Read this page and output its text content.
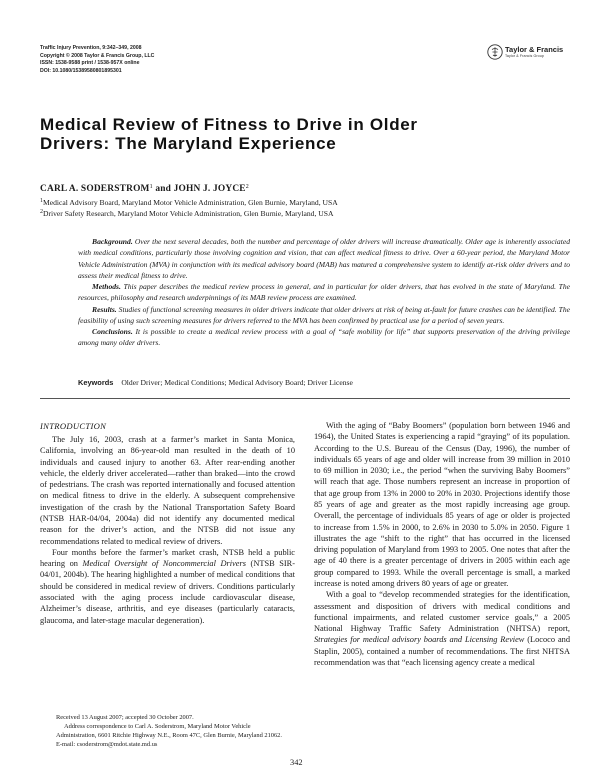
Traffic Injury Prevention, 9:342–349, 2008
Copyright © 2008 Taylor & Francis Group, LLC
ISSN: 1538-9588 print / 1538-957X online
DOI: 10.1080/15389580801895301
Taylor & Francis
Taylor & Francis Group
Medical Review of Fitness to Drive in Older
Drivers: The Maryland Experience
CARL A. SODERSTROM$^1$ and JOHN J. JOYCE$^2$
$^1$Medical Advisory Board, Maryland Motor Vehicle Administration, Glen Burnie, Maryland, USA
$^2$Driver Safety Research, Maryland Motor Vehicle Administration, Glen Burnie, Maryland, USA

Background. Over the next several decades, both the number and percentage of older drivers will increase dramatically. Older age is inherently associated with medical conditions, particularly those involving cognition and vision, that can affect medical fitness to drive. Over a 60-year period, the Maryland Motor Vehicle Administration (MVA) in conjunction with its medical advisory board (MAB) has matured a comprehensive system to identify at-risk older drivers and to assess their medical fitness to drive.

Methods. This paper describes the medical review process in general, and in particular for older drivers, that has evolved in the state of Maryland. The resources, philosophy and research underpinnings of its MAB review process are examined.

Results. Studies of functional screening measures in older drivers indicate that older drivers at risk of being at-fault for future crashes can be identified. The feasibility of using such screening measures for drivers referred to the MVA has been confirmed by practical use for a period of seven years.

Conclusions. It is possible to create a medical review process with a goal of “safe mobility for life” that supports preservation of the driving privilege among many older drivers.

Keywords Older Driver; Medical Conditions; Medical Advisory Board; Driver License
INTRODUCTION

The July 16, 2003, crash at a farmer’s market in Santa Monica, California, involving an 86-year-old man resulted in the death of 10 individuals and caused injury to another 63. After rear-ending another vehicle, the elderly driver accelerated—rather than braked—into the crowd of pedestrians. The crash was reported internationally and focused attention on medical fitness to drive in the elderly. A subsequent comprehensive investigation of the crash by the National Transportation Safety Board (NTSB HAR-04/04, 2004a) did not identify any documented medical reason for the driver’s action, and the NTSB did not issue any recommendations related to medical review of drivers.

Four months before the farmer’s market crash, NTSB held a public hearing on Medical Oversight of Noncommercial Drivers (NTSB SIR-04/01, 2004b). The hearing highlighted a number of medical conditions that should be considered in medical review of drivers. Conditions particularly associated with the aging process include cardiovascular disease, Alzheimer’s disease, arthritis, and eye diseases (particularly cataracts, glaucoma, and later-stage macular degeneration).

With the aging of “Baby Boomers” (population born between 1946 and 1964), the United States is experiencing a rapid “graying” of its population. According to the U.S. Bureau of the Census (Day, 1996), the number of individuals 65 years of age and older will increase from 39 million in 2010 to 69 million in 2030; i.e., the period “when the surviving Baby Boomers” will reach that age. Those numbers represent an increase in proportion of that age group from 13% in 2000 to 20% in 2030. Projections identify those 85 years of age and greater as the most rapidly increasing age group. Overall, the percentage of individuals 85 years of age or older is projected to increase from 1.5% in 2000, to 2.6% in 2030 to 5.0% in 2050. Figure 1 illustrates the age “shift to the right” that has occurred in the licensed driving population of Maryland from 1993 to 2005. One notes that after the age of 40 there is a greater percentage of drivers in 2005 within each age group compared to 1993. While the overall percentage is small, a marked increase is noted among drivers 80 years of age or greater.

With a goal to “develop recommended strategies for the identification, assessment and disposition of drivers with medical conditions and functional impairments, and related customer service goals,” a 2005 National Highway Traffic Safety Administration (NHTSA) report, Strategies for medical advisory boards and Licensing Review (Lococo and Staplin, 2005), contained a number of recommendations. The first NHTSA recommendation was that “each licensing agency create a medical

Received 13 August 2007; accepted 30 October 2007.

Address correspondence to Carl A. Soderstrom, Maryland Motor Vehicle Administration, 6601 Ritchie Highway N.E., Room 47C, Glen Burnie, Maryland 21062. E-mail: csoderstrom@mdot.state.md.us

342
